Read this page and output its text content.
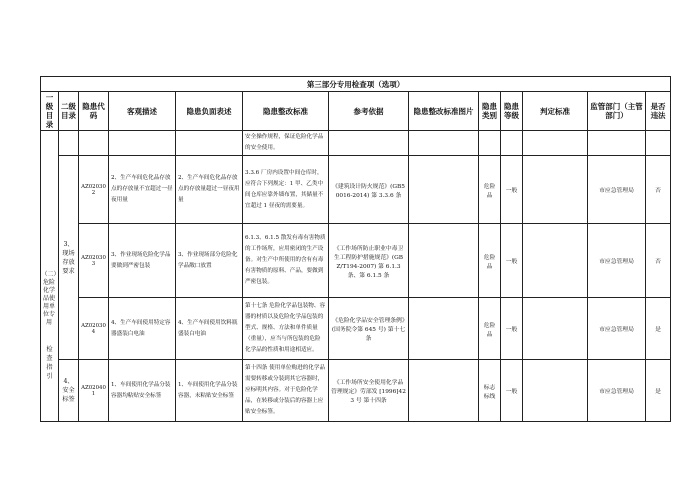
第三部分专用检查项（选项）												
一级目录	二级目录	隐患代码	客观描述	隐患负面表述	隐患整改标准	参考依据	隐患整改标准图片	隐患类别	隐患等级	判定标准	监管部门（主管部门）	是否违法
检查指引					安全操作规程，保证危险化学品的安全使用。							
	3、现场存放要求	AZ020302	2、生产车间危化品存放点的存放量不宜超过一昼夜用量	2、生产车间危化品存放点的存放量超过一昼夜用量	3.3.6 厂房内设置中间仓库时，应符合下列规定：1 甲、乙类中间仓库应靠外墙布置，其储量不宜超过 1 昼夜的需要量。	《建筑设计防火规范》(GB50016-2014) 第 3.3.6 条		危险品	一般		市应急管理局	否
		AZ020303	3、作业现场危险化学品要做到严密包装	3、作业现场部分危险化学品敞口放置	6.1.3、6.1.5 散发有毒有害物质的工作场所，应用密闭的生产设备。对生产中所使用的含有有毒有害物质的原料、产品，要做到严密包装。	《工作场所防止职业中毒卫生工程防护措施规范》(GBZ/T194-2007) 第 6.1.3 条、第 6.1.5 条		危险品	一般		市应急管理局	否
		AZ020304	4、生产车间使用特定容器盛装白电油	4、生产车间使用饮料瓶盛装白电油	第十七条 危险化学品包装物、容器的材质以及危险化学品包装的型式、规格、方法和单件质量（重量），应当与所包装的危险化学品的性质和用途相适应。	《危险化学品安全管理条例》(国务院令第 645 号) 第十七条		危险品	一般		市应急管理局	是
	4、安全标签	AZ020401	1、车间使用化学品分装容器均粘贴安全标签	1、车间使用化学品分装容器，未粘贴安全标签	第十四条 使用单位购进的化学品需要转移或分装到其它容器时，应标明其内容。对于危险化学品，在转移或分装后的容器上应贴安全标签。	《工作场所安全使用化学品管理规定》劳部发 [1996]423 号 第十四条		标志标线	一般		市应急管理局	是
（二）危险化学品使用单位专用
